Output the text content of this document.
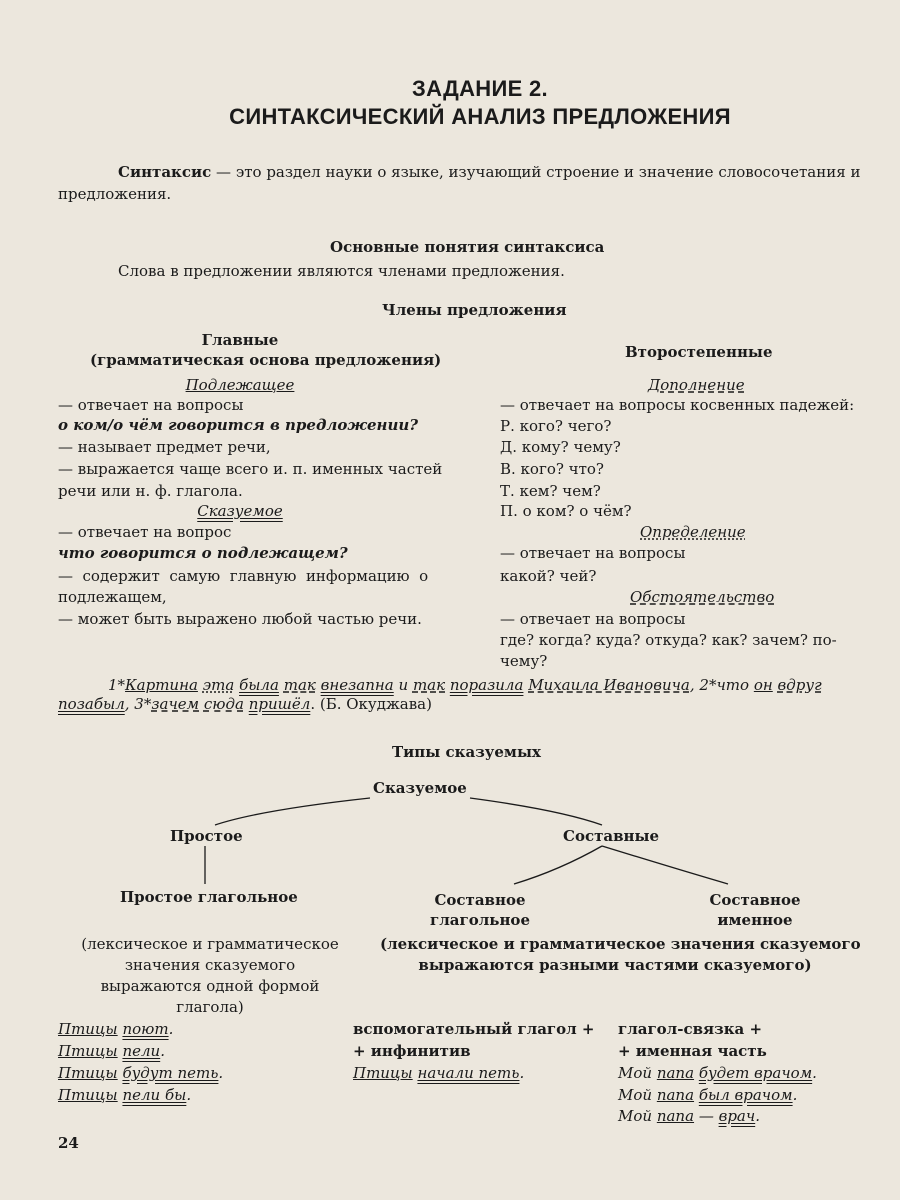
ЗАДАНИЕ 2.
СИНТАКСИЧЕСКИЙ АНАЛИЗ ПРЕДЛОЖЕНИЯ
Синтаксис — это раздел науки о языке, изучающий строение и значение словосочетания и
предложения.
Основные понятия синтаксиса
Слова в предложении являются членами предложения.
Члены предложения
Главные
(грамматическая основа предложения)	Второстепенные
Подлежащее
— отвечает на вопросы
о ком/о чём говорится в предложении?
— называет предмет речи,
— выражается чаще всего и. п. именных частей
речи или н. ф. глагола.
Сказуемое
— отвечает на вопрос
что говорится о подлежащем?
—  содержит  самую  главную  информацию  о
подлежащем,
— может быть выражено любой частью речи.
Дополнение
— отвечает на вопросы косвенных падежей:
Р. кого? чего?
Д. кому? чему?
В. кого? что?
Т. кем? чем?
П. о ком? о чём?
Определение
— отвечает на вопросы
какой? чей?
Обстоятельство
— отвечает на вопросы
где? когда? куда? откуда? как? зачем? по-
чему?
1*Картина эта была так внезапна и так поразила Михаила Ивановича, 2*что он вдруг
позабыл, 3*зачем сюда пришёл. (Б. Окуджава)
Типы сказуемых
Сказуемое
Простое	Составные
Простое глагольное	Составное
глагольное
Составное
именное
(лексическое и грамматическое
значения сказуемого
выражаются одной формой
глагола)
(лексическое и грамматическое значения сказуемого
выражаются разными частями сказуемого)
Птицы поют.
Птицы пели.
Птицы будут петь.
Птицы пели бы.
вспомогательный глагол +
+ инфинитив
Птицы начали петь.
глагол-связка +
+ именная часть
Мой папа будет врачом.
Мой папа был врачом.
Мой папа — врач.
24
